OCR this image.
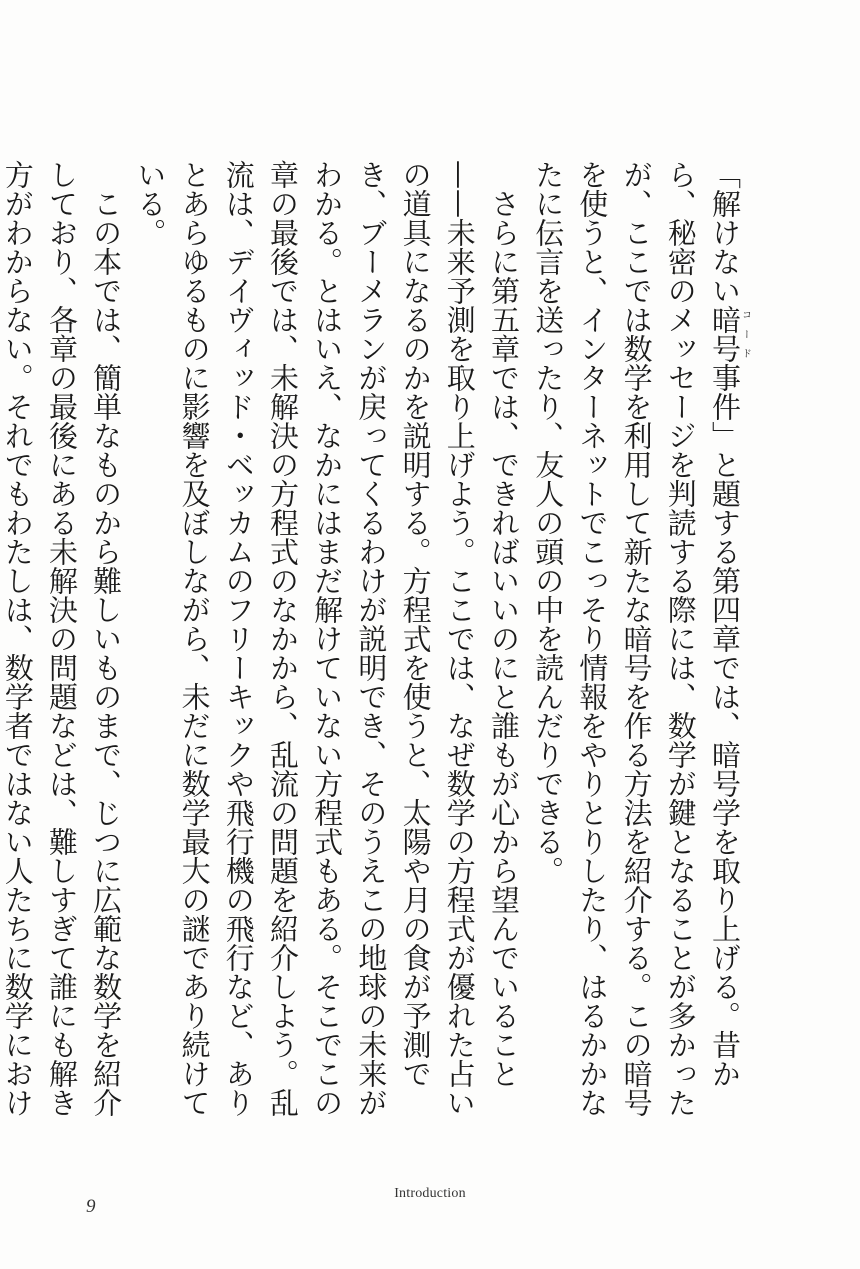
「解けない暗号コード事件」と題する第四章では、暗号学を取り上げる。昔から、秘密のメッセージを判読する際には、数学が鍵となることが多かったが、ここでは数学を利用して新たな暗号を作る方法を紹介する。この暗号を使うと、インターネットでこっそり情報をやりとりしたり、はるかかなたに伝言を送ったり、友人の頭の中を読んだりできる。

さらに第五章では、できればいいのにと誰もが心から望んでいること——未来予測を取り上げよう。ここでは、なぜ数学の方程式が優れた占いの道具になるのかを説明する。方程式を使うと、太陽や月の食が予測でき、ブーメランが戻ってくるわけが説明でき、そのうえこの地球の未来がわかる。とはいえ、なかにはまだ解けていない方程式もある。そこでこの章の最後では、未解決の方程式のなかから、乱流の問題を紹介しよう。乱流は、デイヴィッド・ベッカムのフリーキックや飛行機の飛行など、ありとあらゆるものに影響を及ぼしながら、未だに数学最大の謎であり続けている。

この本では、簡単なものから難しいものまで、じつに広範な数学を紹介しており、各章の最後にある未解決の問題などは、難しすぎて誰にも解き方がわからない。それでもわたしは、数学者ではない人たちに数学におけ

Introduction
9
